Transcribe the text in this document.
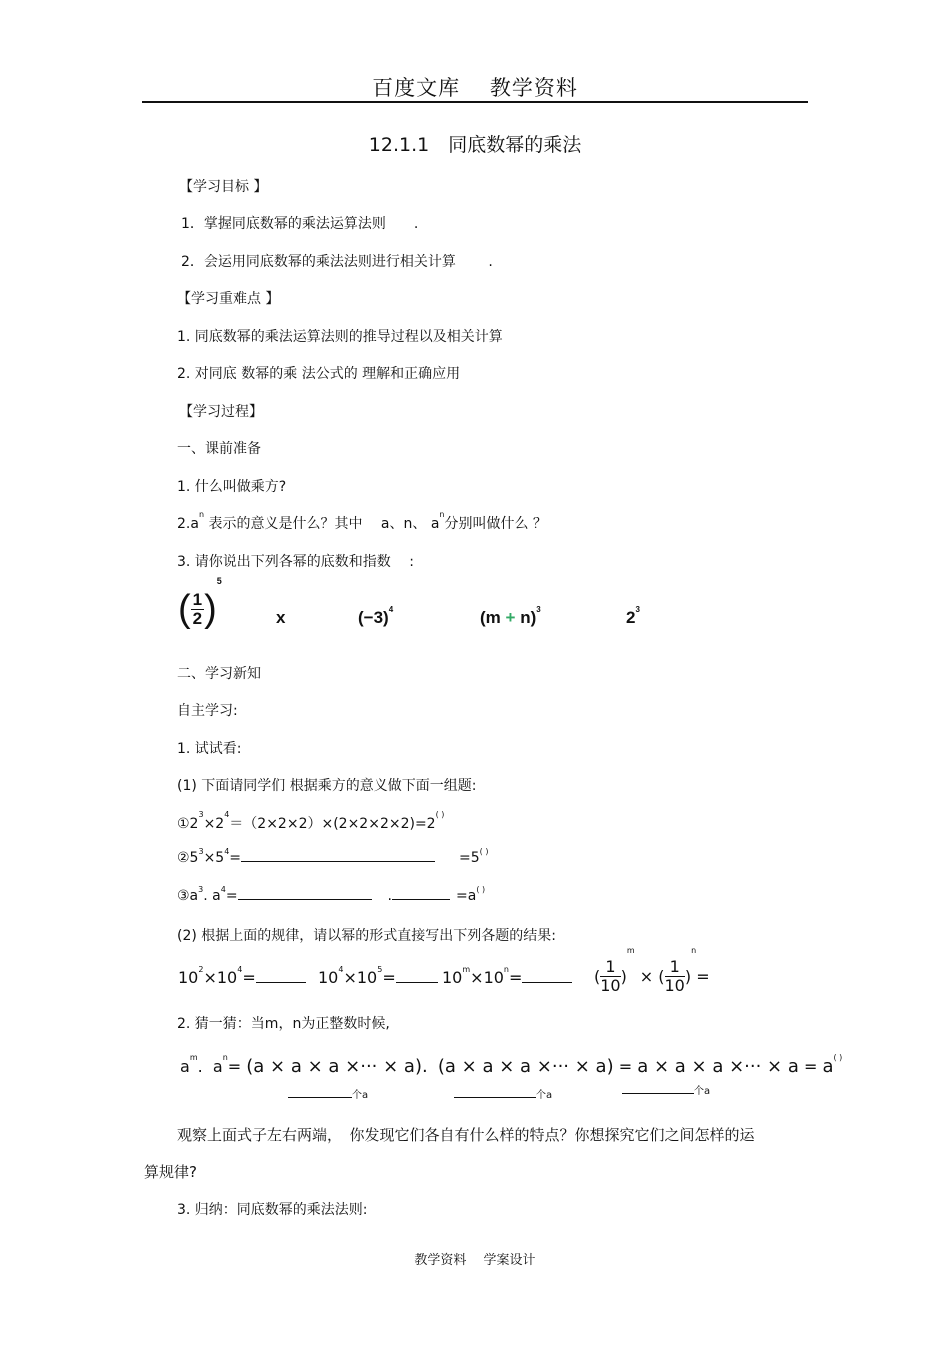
百度文库　 教学资料
12.1.1　同底数幂的乘法
【学习目标 】
1．掌握同底数幂的乘法运算法则　　.
2．会运用同底数幂的乘法法则进行相关计算　　 .
【学习重难点 】
1. 同底数幂的乘法运算法则的推导过程以及相关计算
2. 对同底 数幂的乘 法公式的 理解和正确应用
【学习过程】
一、课前准备
1. 什么叫做乘方?
$2.a^n$ 表示的意义是什么？其中　 a、n、 $a^n$分别叫做什么 ？
3. 请你说出下列各幂的底数和指数　 :
( $\frac{1}{2} )^5$
x	$(-3)^4$	$(m + n)^3$	$2^3$
二、学习新知
自主学习:
1. 试试看:
(1) 下面请同学们 根据乘方的意义做下面一组题:
$①2^3\times 2^4=(2\times 2\times 2)\times(2\times 2\times 2\times 2)=2^{( )}$
$②5^3\times 5^4=$	=5( )
$③a^3$. $a^4=$	.	=a( )
(2) 根据上面的规律，请以幂的形式直接写出下列各题的结果:
$10^2\times 10^4=$	$10^4\times 10^5=$	$10^m\times 10^n=$	( $\frac{1}{10} )^m$ × ( $\frac{1}{10} )^n=$
2. 猜一猜：当m，n为正整数时候,
$a^m$. $a^n= (a \times a \times a$ ×··· × a). (a × a × a ×··· × a) = a × a × a ×··· × a = a( )
个a	个a	个a
观察上面式子左右两端，　你发现它们各自有什么样的特点？你想探究它们之间怎样的运
算规律?
3. 归纳：同底数幂的乘法法则:
教学资料　 学案设计
